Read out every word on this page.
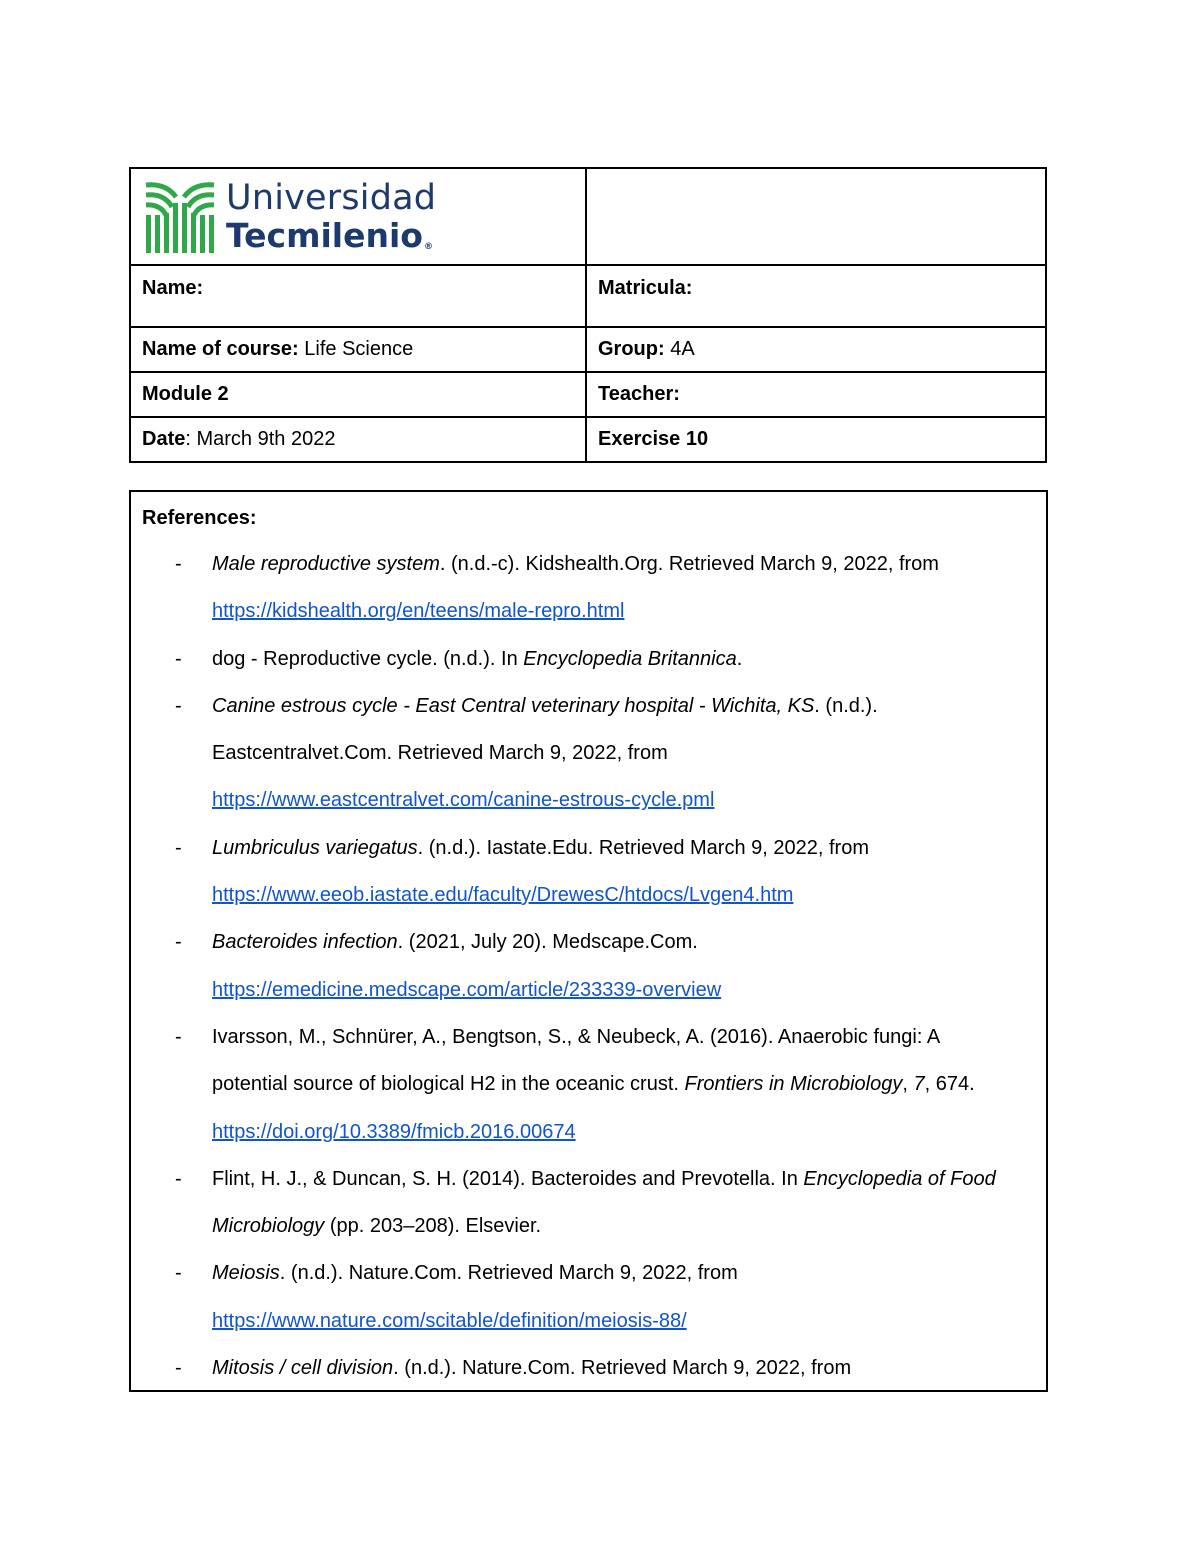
Universidad
Tecmilenio®	

Name:	Matricula:
Name of course: Life Science	Group: 4A
Module 2	Teacher:
Date: March 9th 2022	Exercise 10
References:
- Male reproductive system. (n.d.-c). Kidshealth.Org. Retrieved March 9, 2022, from
https://kidshealth.org/en/teens/male-repro.html
- dog - Reproductive cycle. (n.d.). In Encyclopedia Britannica.
- Canine estrous cycle - East Central veterinary hospital - Wichita, KS. (n.d.).
Eastcentralvet.Com. Retrieved March 9, 2022, from
https://www.eastcentralvet.com/canine-estrous-cycle.pml
- Lumbriculus variegatus. (n.d.). Iastate.Edu. Retrieved March 9, 2022, from
https://www.eeob.iastate.edu/faculty/DrewesC/htdocs/Lvgen4.htm
- Bacteroides infection. (2021, July 20). Medscape.Com.
https://emedicine.medscape.com/article/233339-overview
- Ivarsson, M., Schnürer, A., Bengtson, S., & Neubeck, A. (2016). Anaerobic fungi: A
potential source of biological H2 in the oceanic crust. Frontiers in Microbiology, 7, 674.
https://doi.org/10.3389/fmicb.2016.00674
- Flint, H. J., & Duncan, S. H. (2014). Bacteroides and Prevotella. In Encyclopedia of Food
Microbiology (pp. 203–208). Elsevier.
- Meiosis. (n.d.). Nature.Com. Retrieved March 9, 2022, from
https://www.nature.com/scitable/definition/meiosis-88/
- Mitosis / cell division. (n.d.). Nature.Com. Retrieved March 9, 2022, from
